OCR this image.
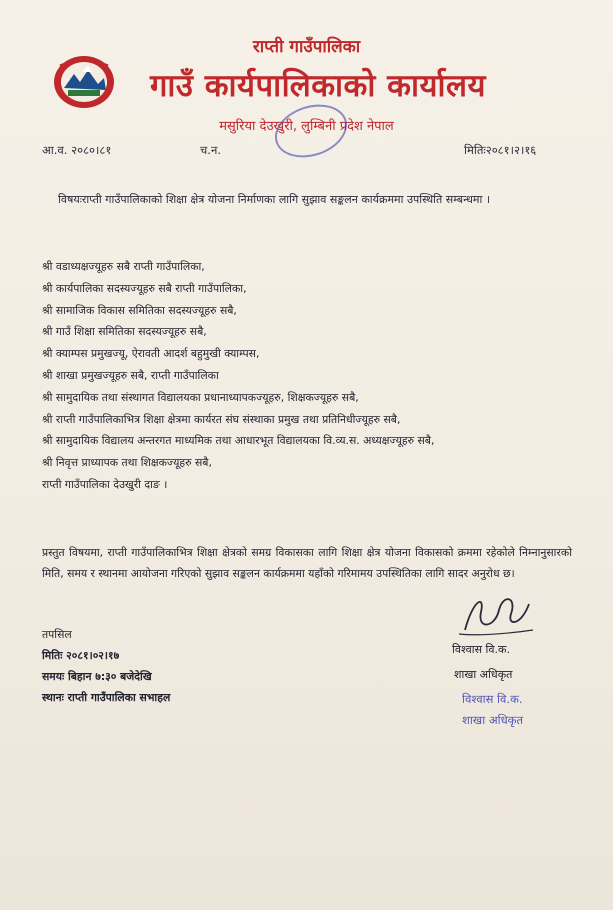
राप्ती गाउँपालिका
गाउँ कार्यपालिकाको कार्यालय
मसुरिया देउखुरी, लुम्बिनी प्रदेश नेपाल

आ.व. २०८०।८१	च.न.	मितिः२०८१।२।१६
विषयःराप्ती गाउँपालिकाको शिक्षा क्षेत्र योजना निर्माणका लागि सुझाव सङ्कलन कार्यक्रममा उपस्थिति सम्बन्धमा ।
श्री वडाध्यक्षज्यूहरु सबै राप्ती गाउँपालिका,
श्री कार्यपालिका सदस्यज्यूहरु सबै राप्ती गाउँपालिका,
श्री सामाजिक विकास समितिका सदस्यज्यूहरु सबै,
श्री गाउँ शिक्षा समितिका सदस्यज्यूहरु सबै,
श्री क्याम्पस प्रमुखज्यू, ऐरावती आदर्श बहुमुखी क्याम्पस,
श्री शाखा प्रमुखज्यूहरु सबै, राप्ती गाउँपालिका
श्री सामुदायिक तथा संस्थागत विद्यालयका प्रधानाध्यापकज्यूहरु, शिक्षकज्यूहरु सबै,
श्री राप्ती गाउँपालिकाभित्र शिक्षा क्षेत्रमा कार्यरत संघ संस्थाका प्रमुख तथा प्रतिनिधीज्यूहरु सबै,
श्री सामुदायिक विद्यालय अन्तरगत माध्यमिक तथा आधारभूत विद्यालयका वि.व्य.स. अध्यक्षज्यूहरु सबै,
श्री निवृत्त प्राध्यापक तथा शिक्षकज्यूहरु सबै,
राप्ती गाउँपालिका देउखुरी दाङ ।
प्रस्तुत विषयमा, राप्ती गाउँपालिकाभित्र शिक्षा क्षेत्रको समग्र विकासका लागि शिक्षा क्षेत्र योजना विकासको क्रममा रहेकोले निम्नानुसारको मिति, समय र स्थानमा आयोजना गरिएको सुझाव सङ्कलन कार्यक्रममा यहाँको गरिमामय उपस्थितिका लागि सादर अनुरोध छ।
तपसिल
मितिः २०८१।०२।१७
समयः बिहान ७:३० बजेदेखि
स्थानः राप्ती गाउँपालिका सभाहल
विश्वास वि.क.
शाखा अधिकृत
विश्वास वि.क.
शाखा अधिकृत
